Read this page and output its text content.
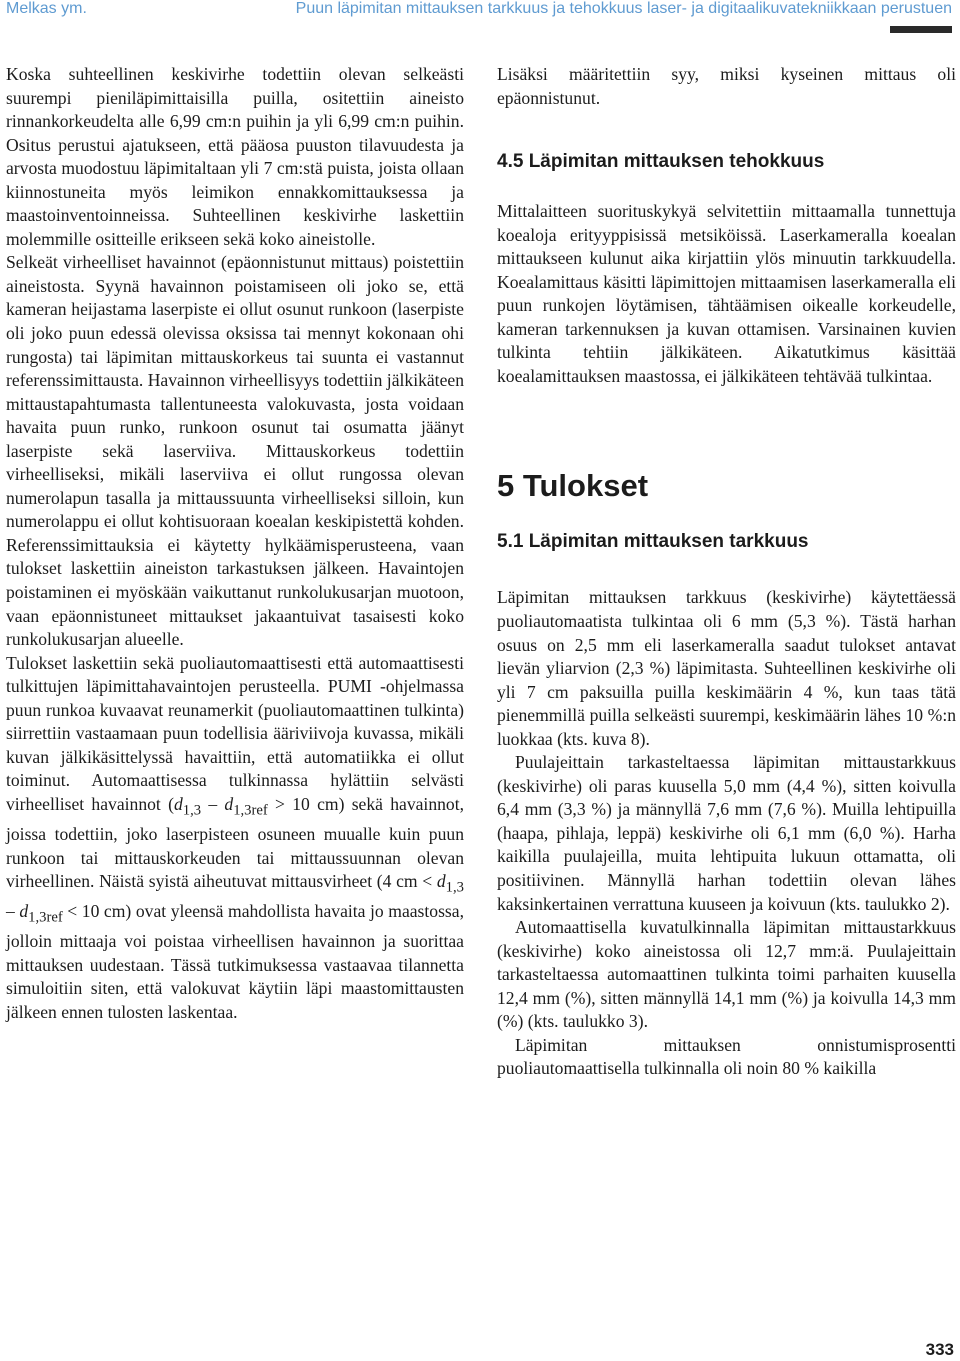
Melkas ym.	Puun läpimitan mittauksen tarkkuus ja tehokkuus laser- ja digitaalikuvatekniikkaan perustuen

Koska suhteellinen keskivirhe todettiin olevan selkeästi suurempi pieniläpimittaisilla puilla, ositettiin aineisto rinnankorkeudelta alle 6,99 cm:n puihin ja yli 6,99 cm:n puihin. Ositus perustui ajatukseen, että pääosa puuston tilavuudesta ja arvosta muodostuu läpimitaltaan yli 7 cm:stä puista, joista ollaan kiinnostuneita myös leimikon ennakkomittauksessa ja maastoinventoinneissa. Suhteellinen keskivirhe laskettiin molemmille ositteille erikseen sekä koko aineistolle.

Selkeät virheelliset havainnot (epäonnistunut mittaus) poistettiin aineistosta. Syynä havainnon poistamiseen oli joko se, että kameran heijastama laserpiste ei ollut osunut runkoon (laserpiste oli joko puun edessä olevissa oksissa tai mennyt kokonaan ohi rungosta) tai läpimitan mittauskorkeus tai suunta ei vastannut referenssimittausta. Havainnon virheellisyys todettiin jälkikäteen mittaustapahtumasta tallentuneesta valokuvasta, josta voidaan havaita puun runko, runkoon osunut tai osumatta jäänyt laserpiste sekä laserviiva. Mittauskorkeus todettiin virheelliseksi, mikäli laserviiva ei ollut rungossa olevan numerolapun tasalla ja mittaussuunta virheelliseksi silloin, kun numerolappu ei ollut kohtisuoraan koealan keskipistettä kohden. Referenssimittauksia ei käytetty hylkäämisperusteena, vaan tulokset laskettiin aineiston tarkastuksen jälkeen. Havaintojen poistaminen ei myöskään vaikuttanut runkolukusarjan muotoon, vaan epäonnistuneet mittaukset jakaantuivat tasaisesti koko runkolukusarjan alueelle.

Tulokset laskettiin sekä puoliautomaattisesti että automaattisesti tulkittujen läpimittahavaintojen perusteella. PUMI -ohjelmassa puun runkoa kuvaavat reunamerkit (puoliautomaattinen tulkinta) siirrettiin vastaamaan puun todellisia ääriviivoja kuvassa, mikäli kuvan jälkikäsittelyssä havaittiin, että automatiikka ei ollut toiminut. Automaattisessa tulkinnassa hylättiin selvästi virheelliset havainnot ($d_{1,3} - d_{1,3ref} > 10$ cm) sekä havainnot, joissa todettiin, joko laserpisteen osuneen muualle kuin puun runkoon tai mittauskorkeuden tai mittaussuunnan olevan virheellinen. Näistä syistä aiheutuvat mittausvirheet (4 cm < $d_{1,3} - d_{1,3ref} < 10$ cm) ovat yleensä mahdollista havaita jo maastossa, jolloin mittaaja voi poistaa virheellisen havainnon ja suorittaa mittauksen uudestaan. Tässä tutkimuksessa vastaavaa tilannetta simuloitiin siten, että valokuvat käytiin läpi maastomittausten jälkeen ennen tulosten laskentaa.

Lisäksi määritettiin syy, miksi kyseinen mittaus oli epäonnistunut.

4.5 Läpimitan mittauksen tehokkuus

Mittalaitteen suorituskykyä selvitettiin mittaamalla tunnettuja koealoja erityyppisissä metsiköissä. Laserkameralla koealan mittaukseen kulunut aika kirjattiin ylös minuutin tarkkuudella. Koealamittaus käsitti läpimittojen mittaamisen laserkameralla eli puun runkojen löytämisen, tähtäämisen oikealle korkeudelle, kameran tarkennuksen ja kuvan ottamisen. Varsinainen kuvien tulkinta tehtiin jälkikäteen. Aikatutkimus käsittää koealamittauksen maastossa, ei jälkikäteen tehtävää tulkintaa.

5 Tulokset
5.1 Läpimitan mittauksen tarkkuus

Läpimitan mittauksen tarkkuus (keskivirhe) käytettäessä puoliautomaatista tulkintaa oli 6 mm (5,3 %). Tästä harhan osuus on 2,5 mm eli laserkameralla saadut tulokset antavat lievän yliarvion (2,3 %) läpimitasta. Suhteellinen keskivirhe oli yli 7 cm paksuilla puilla keskimäärin 4 %, kun taas tätä pienemmillä puilla selkeästi suurempi, keskimäärin lähes 10 %:n luokkaa (kts. kuva 8).

Puulajeittain tarkasteltaessa läpimitan mittaustarkkuus (keskivirhe) oli paras kuusella 5,0 mm (4,4 %), sitten koivulla 6,4 mm (3,3 %) ja männyllä 7,6 mm (7,6 %). Muilla lehtipuilla (haapa, pihlaja, leppä) keskivirhe oli 6,1 mm (6,0 %). Harha kaikilla puulajeilla, muita lehtipuita lukuun ottamatta, oli positiivinen. Männyllä harhan todettiin olevan lähes kaksinkertainen verrattuna kuuseen ja koivuun (kts. taulukko 2).

Automaattisella kuvatulkinnalla läpimitan mittaustarkkuus (keskivirhe) koko aineistossa oli 12,7 mm:ä. Puulajeittain tarkasteltaessa automaattinen tulkinta toimi parhaiten kuusella 12,4 mm (%), sitten männyllä 14,1 mm (%) ja koivulla 14,3 mm (%) (kts. taulukko 3).

Läpimitan mittauksen onnistumisprosentti puoliautomaattisella tulkinnalla oli noin 80 % kaikilla

333
